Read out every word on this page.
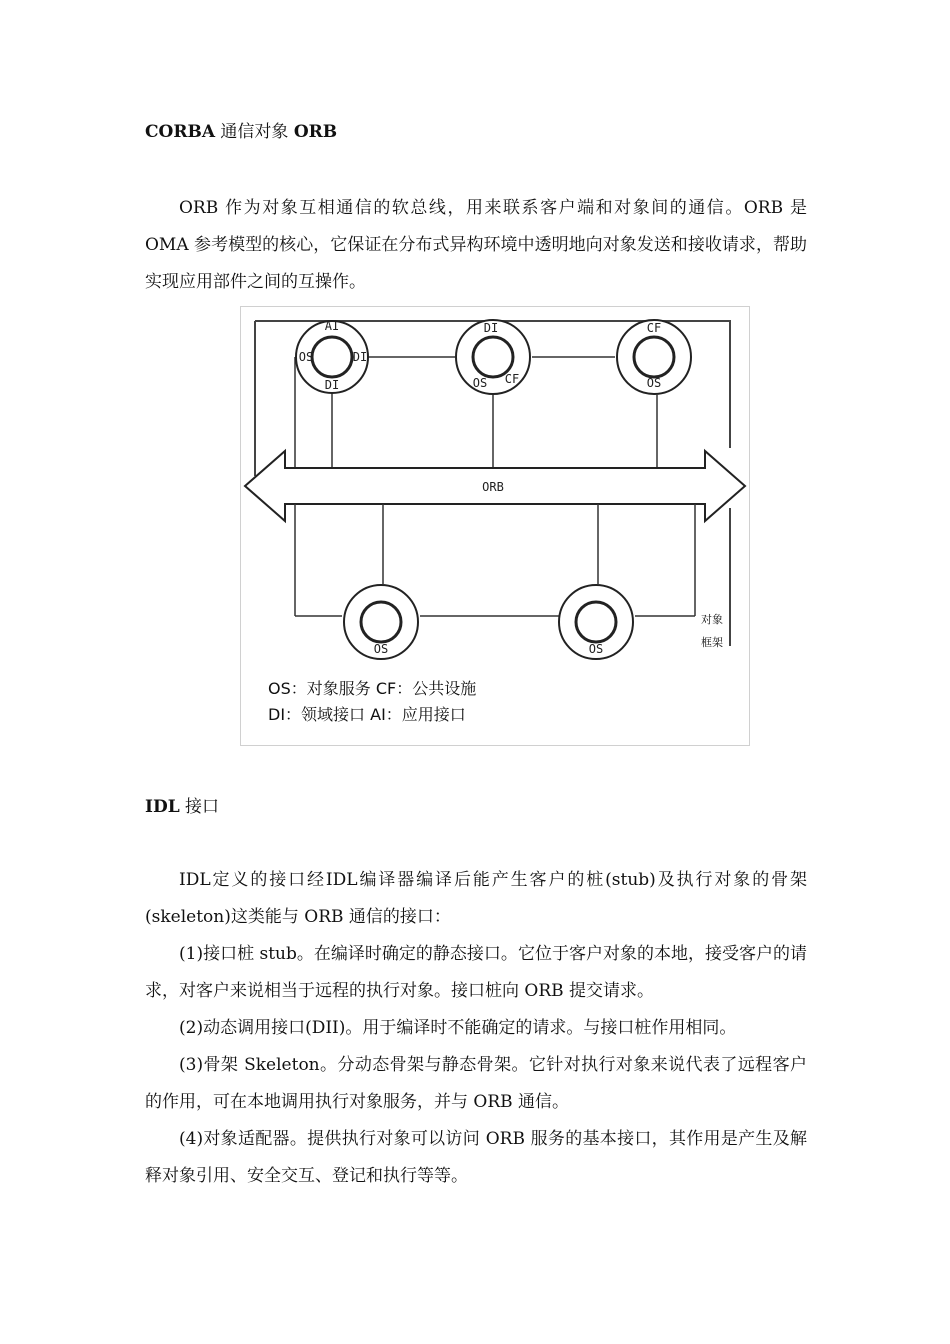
CORBA 通信对象 ORB

ORB 作为对象互相通信的软总线，用来联系客户端和对象间的通信。ORB 是 OMA 参考模型的核心，它保证在分布式异构环境中透明地向对象发送和接收请求，帮助实现应用部件之间的互操作。

ORB
AI
OS
DI
DI
DI
OS CF
CF
OS
OS	OS
对象
框架
OS：对象服务 CF：公共设施
DI：领域接口 AI：应用接口
IDL 接口

IDL定义的接口经IDL编译器编译后能产生客户的桩(stub)及执行对象的骨架(skeleton)这类能与 ORB 通信的接口：

(1)接口桩 stub。在编译时确定的静态接口。它位于客户对象的本地，接受客户的请求，对客户来说相当于远程的执行对象。接口桩向 ORB 提交请求。

(2)动态调用接口(DII)。用于编译时不能确定的请求。与接口桩作用相同。

(3)骨架 Skeleton。分动态骨架与静态骨架。它针对执行对象来说代表了远程客户的作用，可在本地调用执行对象服务，并与 ORB 通信。

(4)对象适配器。提供执行对象可以访问 ORB 服务的基本接口，其作用是产生及解释对象引用、安全交互、登记和执行等等。
